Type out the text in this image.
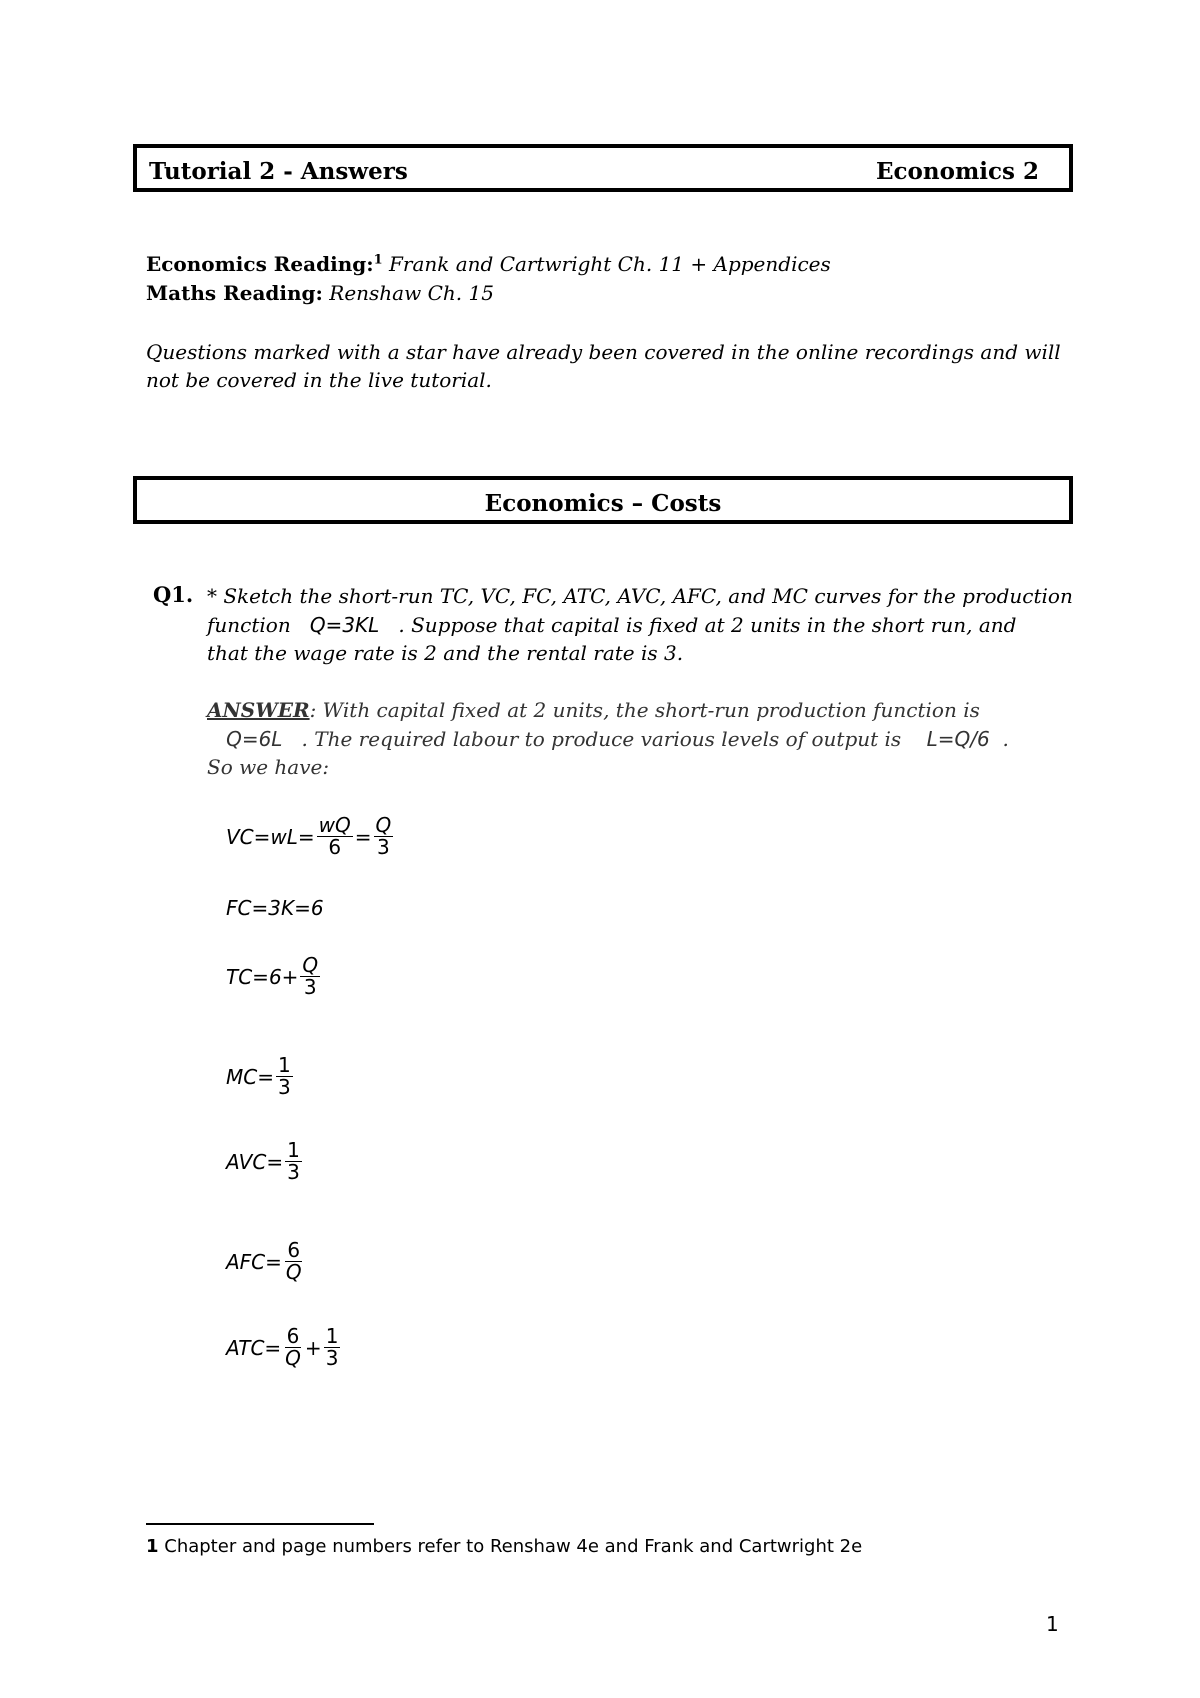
Tutorial 2 - Answers	Economics 2
Economics Reading:$^1$ Frank and Cartwright Ch. 11 + Appendices
Maths Reading: Renshaw Ch. 15
Questions marked with a star have already been covered in the online recordings and will
not be covered in the live tutorial.
Economics – Costs
Q1. * Sketch the short-run TC, VC, FC, ATC, AVC, AFC, and MC curves for the production
function Q=3KL . Suppose that capital is fixed at 2 units in the short run, and
that the wage rate is 2 and the rental rate is 3.
ANSWER: With capital fixed at 2 units, the short-run production function is
Q=6L . The required labour to produce various levels of output is L=Q/6 .
So we have:
$VC=wL= \frac{wQ}{6} = \frac{Q}{3}$
FC=3K=6
$TC=6+ \frac{Q}{3}$
$MC= \frac{1}{3}$
$AVC= \frac{1}{3}$
$AFC= \frac{6}{Q}$
$ATC= \frac{6}{Q} + \frac{1}{3}$
1 Chapter and page numbers refer to Renshaw 4e and Frank and Cartwright 2e
1
